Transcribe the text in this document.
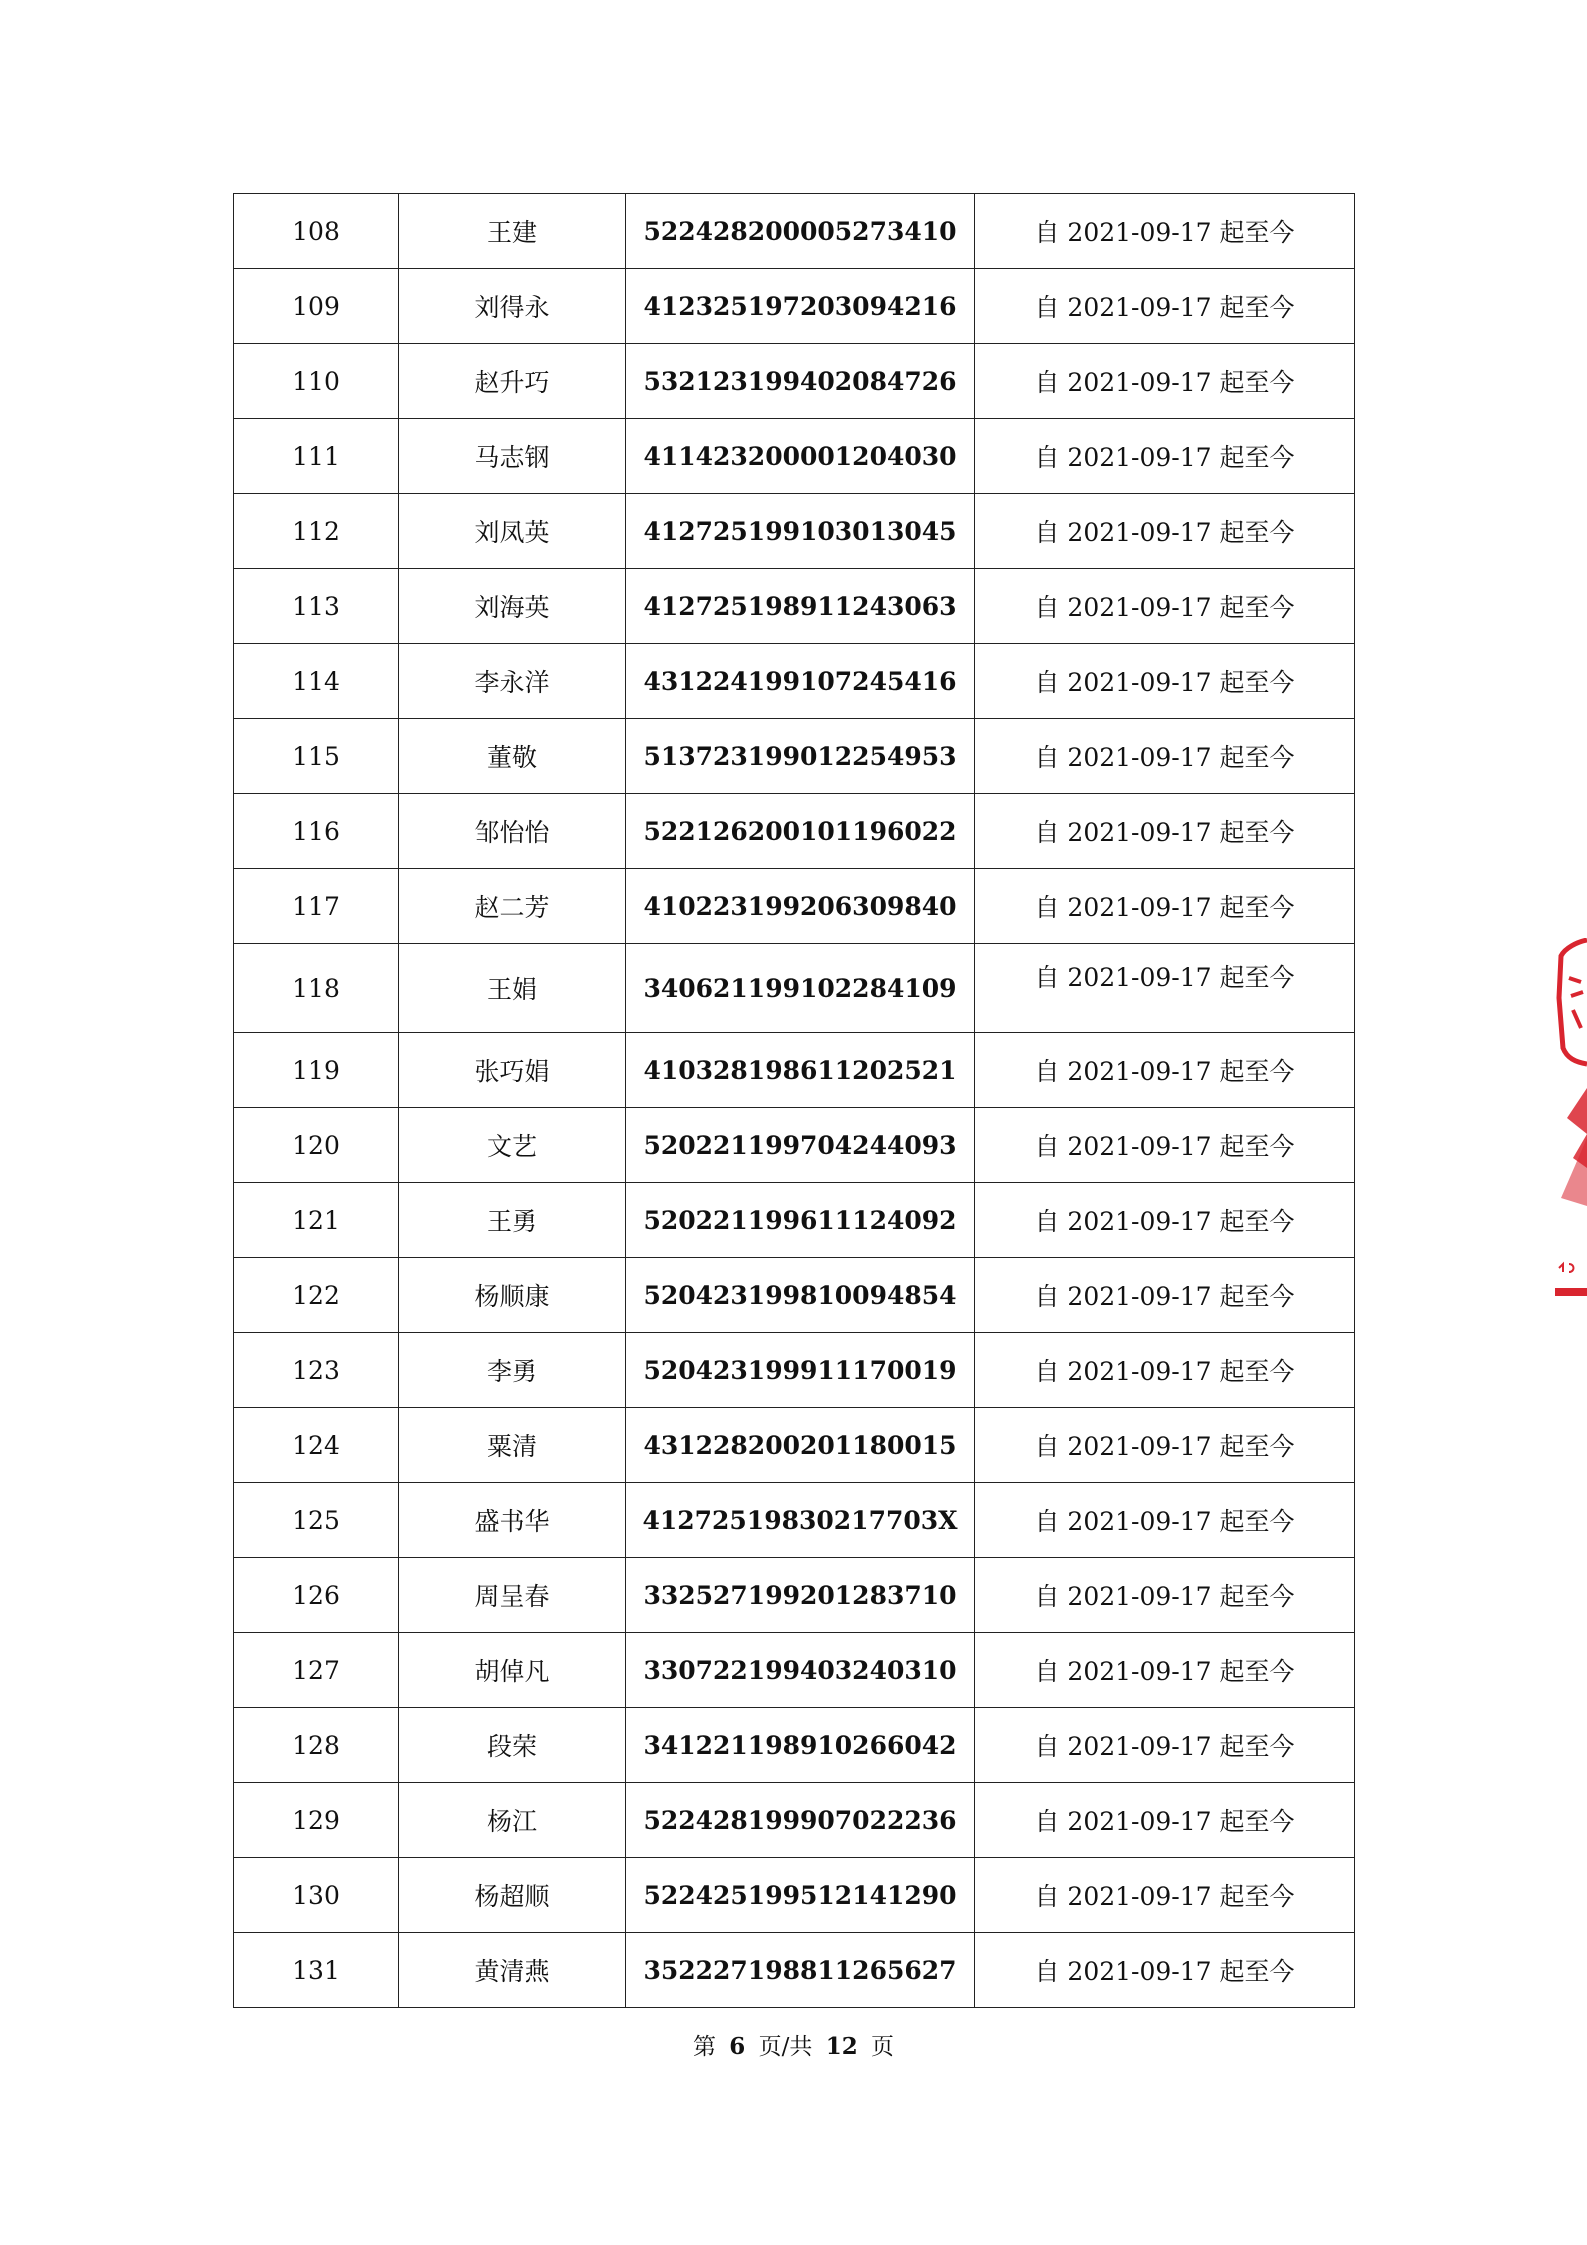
108	王建	522428200005273410	自 2021-09-17 起至今
109	刘得永	412325197203094216	自 2021-09-17 起至今
110	赵升巧	532123199402084726	自 2021-09-17 起至今
111	马志钢	411423200001204030	自 2021-09-17 起至今
112	刘凤英	412725199103013045	自 2021-09-17 起至今
113	刘海英	412725198911243063	自 2021-09-17 起至今
114	李永洋	431224199107245416	自 2021-09-17 起至今
115	董敬	513723199012254953	自 2021-09-17 起至今
116	邹怡怡	522126200101196022	自 2021-09-17 起至今
117	赵二芳	410223199206309840	自 2021-09-17 起至今
118	王娟	340621199102284109	自 2021-09-17 起至今
119	张巧娟	410328198611202521	自 2021-09-17 起至今
120	文艺	520221199704244093	自 2021-09-17 起至今
121	王勇	520221199611124092	自 2021-09-17 起至今
122	杨顺康	520423199810094854	自 2021-09-17 起至今
123	李勇	520423199911170019	自 2021-09-17 起至今
124	粟清	431228200201180015	自 2021-09-17 起至今
125	盛书华	41272519830217703X	自 2021-09-17 起至今
126	周呈春	332527199201283710	自 2021-09-17 起至今
127	胡倬凡	330722199403240310	自 2021-09-17 起至今
128	段荣	341221198910266042	自 2021-09-17 起至今
129	杨江	522428199907022236	自 2021-09-17 起至今
130	杨超顺	522425199512141290	自 2021-09-17 起至今
131	黄清燕	352227198811265627	自 2021-09-17 起至今
第 6 页/共 12 页
